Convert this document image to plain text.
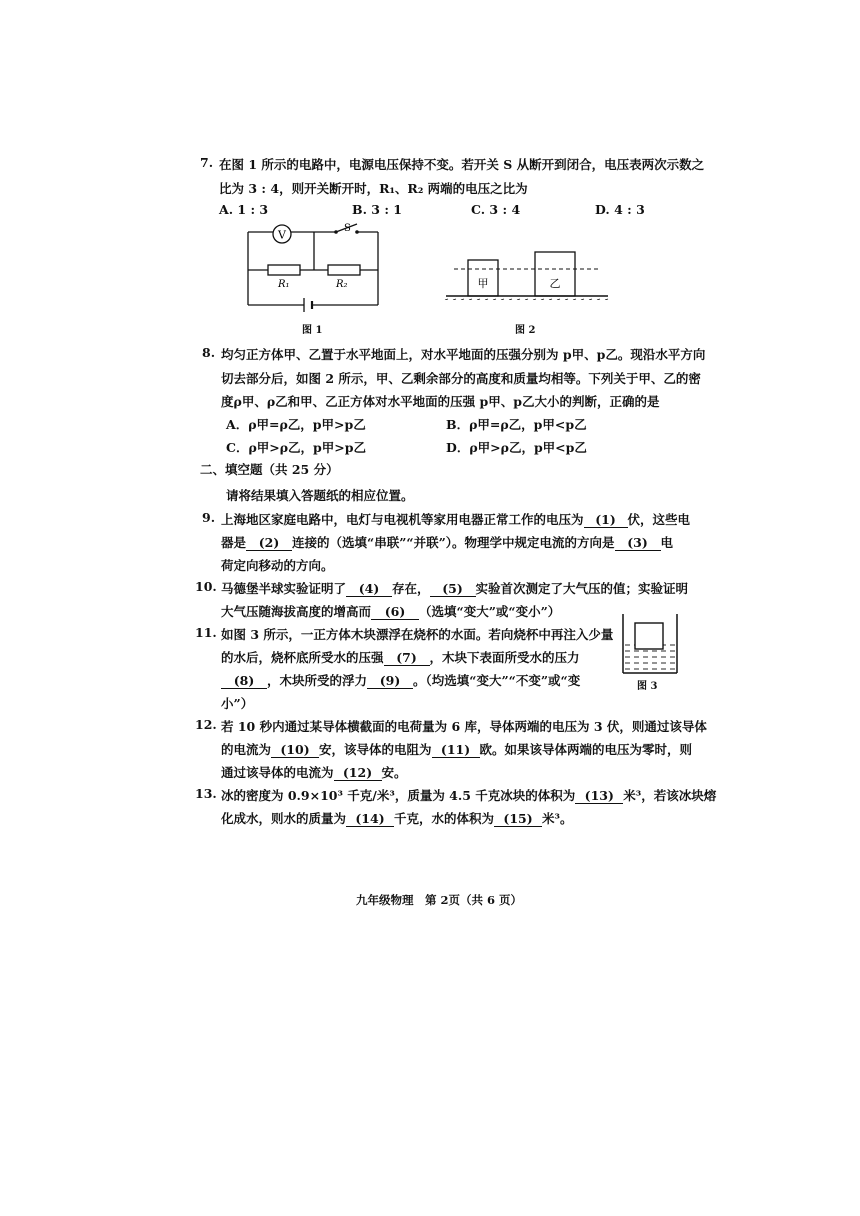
7. 在图 1 所示的电路中，电源电压保持不变。若开关 S 从断开到闭合，电压表两次示数之
比为 3 : 4，则开关断开时，R₁、R₂ 两端的电压之比为
A. 1 : 3	B. 3 : 1	C. 3 : 4	D. 4 : 3
V	S
R₁	R₂
图 1
甲	乙
图 2
8. 均匀正方体甲、乙置于水平地面上，对水平地面的压强分别为 p甲、p乙。现沿水平方向
切去部分后，如图 2 所示，甲、乙剩余部分的高度和质量均相等。下列关于甲、乙的密
度ρ甲、ρ乙和甲、乙正方体对水平地面的压强 p甲、p乙大小的判断，正确的是
A．ρ甲=ρ乙，p甲>p乙	B．ρ甲=ρ乙，p甲<p乙
C．ρ甲>ρ乙，p甲>p乙	D．ρ甲>ρ乙，p甲<p乙
二、填空题（共 25 分）
请将结果填入答题纸的相应位置。
9. 上海地区家庭电路中，电灯与电视机等家用电器正常工作的电压为 (1) 伏，这些电
器是 (2) 连接的（选填“串联”“并联”）。物理学中规定电流的方向是 (3) 电
荷定向移动的方向。
10. 马德堡半球实验证明了 (4) 存在， (5) 实验首次测定了大气压的值；实验证明
大气压随海拔高度的增高而 (6) （选填“变大”或“变小”）
11. 如图 3 所示，一正方体木块漂浮在烧杯的水面。若向烧杯中再注入少量
的水后，烧杯底所受水的压强 (7) ，木块下表面所受水的压力
(8) ，木块所受的浮力 (9) 。（均选填“变大”“不变”或“变
小”）
图 3
12. 若 10 秒内通过某导体横截面的电荷量为 6 库，导体两端的电压为 3 伏，则通过该导体
的电流为 (10) 安，该导体的电阻为 (11) 欧。如果该导体两端的电压为零时，则
通过该导体的电流为 (12) 安。
13. 冰的密度为 0.9×10³ 千克/米³，质量为 4.5 千克冰块的体积为 (13) 米³，若该冰块熔
化成水，则水的质量为 (14) 千克，水的体积为 (15) 米³。
九年级物理　第 2页（共 6 页）
